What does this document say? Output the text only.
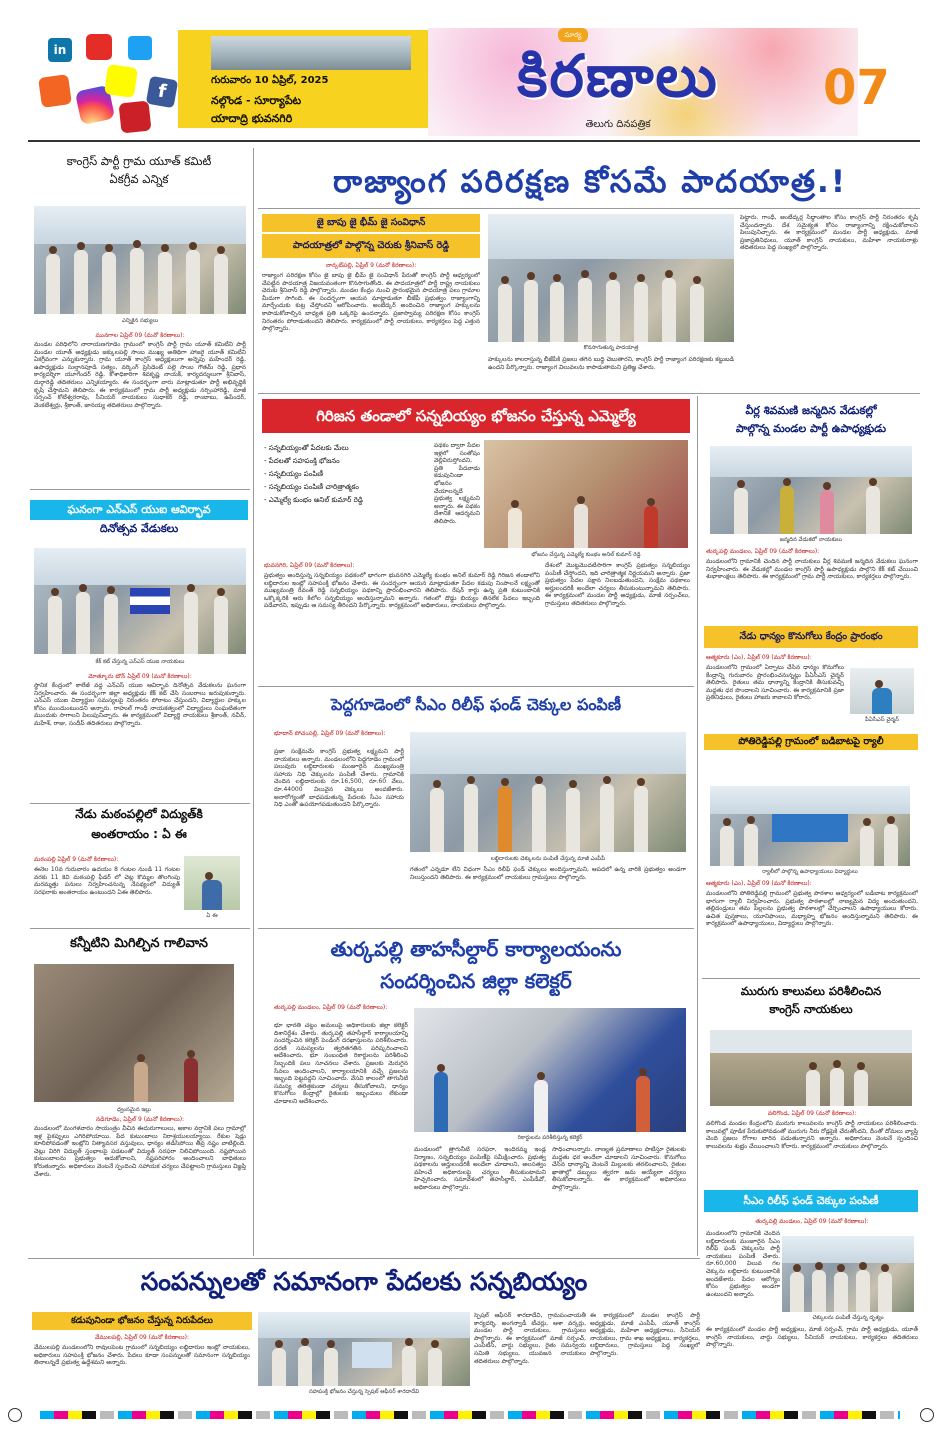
f
in
గురువారం 10 ఏప్రిల్, 2025
నల్గొండ - సూర్యాపేట
యాదాద్రి భువనగిరి
సూర్య
కిరణాలు
తెలుగు దినపత్రిక
07
కాంగ్రెస్ పార్టీ గ్రామ యూత్ కమిటీ
ఏకగ్రీవ ఎన్నిక
ఎన్నికైన సభ్యులు
మునగాల ఏప్రిల్ 09 (మనో కిరణాలు):
మండల పరిధిలోని నారాయణగూడెం గ్రామంలో కాంగ్రెస్ పార్టీ గ్రామ యూత్ కమిటీని పార్టీ మండల యూత్ అధ్యక్షుడు జక్కులపల్లి సాంబ ముఖ్య అతిథిగా హాజరై యూత్ కమిటీని ఏకగ్రీవంగా ఎన్నుకున్నారు. గ్రామ యూత్ కాంగ్రెస్ అధ్యక్షులుగా అన్నెపు మహేందర్ రెడ్డి, ఉపాధ్యక్షుడు సుల్తానపూడి సత్యం, వర్కింగ్ ప్రెసిడెంట్ పల్లె సాంబ గౌతమ్ రెడ్డి, ప్రధాన కార్యదర్శిగా యూగేందర్ రెడ్డి, కోశాధికారిగా శివకృష్ణ నాయక్, కార్యదర్శులుగా శ్రీనివాస్, దుర్గారెడ్డి తదితరులు ఎన్నికయ్యారు. ఈ సందర్భంగా వారు మాట్లాడుతూ పార్టీ అభివృద్ధికి కృషి చేస్తామని తెలిపారు. ఈ కార్యక్రమంలో గ్రామ పార్టీ అధ్యక్షుడు నర్సింహారెడ్డి, మాజీ సర్పంచ్ కోటేశ్వరరావు, సీనియర్ నాయకులు సుధాకర్ రెడ్డి, రాంబాబు, ఉపేందర్, వెంకటేశ్వర్లు, శ్రీకాంత్, జానయ్య తదితరులు పాల్గొన్నారు.
ఘనంగా ఎన్ఎస్ యుఐ ఆవిర్భావ
దినోత్సవ వేడుకలు
కేక్ కట్ చేస్తున్న ఎన్ఎస్ యుఐ నాయకులు
మోత్కూరు టౌన్ ఏప్రిల్ 09 (మనో కిరణాలు):
స్థానిక కేంద్రంలో కాలేజీ వద్ద ఎన్ఎస్ యుఐ ఆవిర్భావ దినోత్సవ వేడుకలను ఘనంగా నిర్వహించారు. ఈ సందర్భంగా జిల్లా అధ్యక్షుడు కేక్ కట్ చేసి సంబరాలు జరుపుకున్నారు. ఎన్ఎస్ యుఐ విద్యార్థుల సమస్యలపై నిరంతరం పోరాటం చేస్తుందని, విద్యార్థుల హక్కుల కోసం ముందుంటుందని అన్నారు. రాహుల్ గాంధీ నాయకత్వంలో విద్యార్థులు సంఘటితంగా ముందుకు సాగాలని పిలుపునిచ్చారు. ఈ కార్యక్రమంలో విద్యార్థి నాయకులు శ్రీకాంత్, నవీన్, మహేశ్, రాజు, సందీప్ తదితరులు పాల్గొన్నారు.
నేడు మఠంపల్లిలో విద్యుత్‌కి
అంతరాయం : ఏ ఈ
మఠంపల్లి ఏప్రిల్ 9 (మనో కిరణాలు):
ఈనెల 10వ గురువారం ఉదయం 8 గంటల నుండి 11 గంటల వరకు 11 కెవి మఠంపల్లి ఫీడర్ లో చెట్ల కొమ్మల తొలగింపు మరమ్మత్తు పనులు నిర్వహించనున్న నేపథ్యంలో విద్యుత్ సరఫరాకు అంతరాయం ఉంటుందని ఏఈ తెలిపారు.
ఏ ఈ
కన్నీటిని మిగిల్చిన గాలివాన
ధ్వంసమైన ఇల్లు
నడిగూడెం, ఏప్రిల్ 9 (మనో కిరణాలు):
మండలంలో మంగళవారం సాయంత్రం వీచిన ఈదురుగాలులు, అకాల వర్షానికి పలు గ్రామాల్లో ఇళ్ల పైకప్పులు ఎగిరిపోయాయి. పేద కుటుంబాలు నిరాశ్రయులయ్యాయి. రేకుల షెడ్లు కూలిపోవడంతో ఇంట్లోని నిత్యావసర వస్తువులు, ధాన్యం తడిసిపోయి తీవ్ర నష్టం వాటిల్లింది. చెట్లు విరిగి విద్యుత్ స్తంభాలపై పడటంతో విద్యుత్ సరఫరా నిలిచిపోయింది. నష్టపోయిన కుటుంబాలను ప్రభుత్వం ఆదుకోవాలని, నష్టపరిహారం అందించాలని బాధితులు కోరుతున్నారు. అధికారులు వెంటనే స్పందించి సహాయక చర్యలు చేపట్టాలని గ్రామస్తులు విజ్ఞప్తి చేశారు.
రాజ్యాంగ పరిరక్షణ కోసమే పాదయాత్ర.!
జై బాపు జై భీమ్ జై సంవిధాన్
పాదయాత్రలో పాల్గొన్న చెరుకు శ్రీనివాస్ రెడ్డి
నార్కట్‌పల్లి, ఏప్రిల్ 9 (మనో కిరణాలు):
రాజ్యాంగ పరిరక్షణ కోసం జై బాపు జై భీమ్ జై సంవిధాన్ పేరుతో కాంగ్రెస్ పార్టీ ఆధ్వర్యంలో చేపట్టిన పాదయాత్ర విజయవంతంగా కొనసాగుతోంది. ఈ పాదయాత్రలో పార్టీ రాష్ట్ర నాయకులు చెరుకు శ్రీనివాస్ రెడ్డి పాల్గొన్నారు. మండల కేంద్రం నుంచి ప్రారంభమైన పాదయాత్ర పలు గ్రామాల మీదుగా సాగింది. ఈ సందర్భంగా ఆయన మాట్లాడుతూ బీజేపీ ప్రభుత్వం రాజ్యాంగాన్ని మార్చేందుకు కుట్ర చేస్తోందని ఆరోపించారు. అంబేద్కర్ అందించిన రాజ్యాంగ హక్కులను కాపాడుకోవాల్సిన బాధ్యత ప్రతి ఒక్కరిపై ఉందన్నారు. ప్రజాస్వామ్య పరిరక్షణ కోసం కాంగ్రెస్ నిరంతరం పోరాడుతుందని తెలిపారు. కార్యక్రమంలో పార్టీ నాయకులు, కార్యకర్తలు పెద్ద ఎత్తున పాల్గొన్నారు.
కొనసాగుతున్న పాదయాత్ర
హక్కులను కాలరాస్తున్న బీజేపీకి ప్రజలు తగిన బుద్ధి చెబుతారని, కాంగ్రెస్ పార్టీ రాజ్యాంగ పరిరక్షణకు కట్టుబడి ఉందని పేర్కొన్నారు. రాజ్యాంగ విలువలను కాపాడుతామని ప్రతిజ్ఞ చేశారు.
పెట్టారు. గాంధీ, అంబేద్కర్ల సిద్ధాంతాల కోసం కాంగ్రెస్ పార్టీ నిరంతరం కృషి చేస్తుందన్నారు. దేశ సమైక్యత కోసం రాజ్యాంగాన్ని రక్షించుకోవాలని పిలుపునిచ్చారు. ఈ కార్యక్రమంలో మండల పార్టీ అధ్యక్షుడు, మాజీ ప్రజాప్రతినిధులు, యూత్ కాంగ్రెస్ నాయకులు, మహిళా నాయకురాళ్లు తదితరులు పెద్ద సంఖ్యలో పాల్గొన్నారు.
గిరిజన తండాలో సన్నబియ్యం భోజనం చేస్తున్న ఎమ్మెల్యే
- సన్నబియ్యంతో పేదలకు మేలు
- పేదలతో సహపంక్తి భోజనం
- సన్నబియ్యం పంపిణీ
- సన్నబియ్యం పంపిణీ చారిత్రాత్మకం
- ఎమ్మెల్యే కుంభం అనిల్ కుమార్ రెడ్డి
పథకం ద్వారా పేదల ఇళ్లలో సంతోషం వెల్లివిరుస్తోందని, ప్రతి పేదవాడు కడుపునిండా భోజనం చేయాలన్నదే ప్రభుత్వ లక్ష్యమని అన్నారు. ఈ పథకం దేశానికే ఆదర్శమని తెలిపారు.
భోజనం చేస్తున్న ఎమ్మెల్యే కుంభం అనిల్ కుమార్ రెడ్డి
భువనగిరి, ఏప్రిల్ 09 (మనో కిరణాలు):
ప్రభుత్వం అందిస్తున్న సన్నబియ్యం పథకంలో భాగంగా భువనగిరి ఎమ్మెల్యే కుంభం అనిల్ కుమార్ రెడ్డి గిరిజన తండాలోని లబ్ధిదారుల ఇంట్లో సహపంక్తి భోజనం చేశారు. ఈ సందర్భంగా ఆయన మాట్లాడుతూ పేదల కడుపు నింపాలనే లక్ష్యంతో ముఖ్యమంత్రి రేవంత్ రెడ్డి సన్నబియ్యం పథకాన్ని ప్రారంభించారని తెలిపారు. రేషన్ కార్డు ఉన్న ప్రతి కుటుంబానికి ఒక్కొక్కరికి ఆరు కిలోల సన్నబియ్యం అందిస్తున్నామని అన్నారు. గతంలో దొడ్డు బియ్యం తినలేక పేదలు ఇబ్బంది పడేవారని, ఇప్పుడు ఆ సమస్య తీరిందని పేర్కొన్నారు. కార్యక్రమంలో అధికారులు, నాయకులు పాల్గొన్నారు.
దేశంలో మొట్టమొదటిసారిగా కాంగ్రెస్ ప్రభుత్వం సన్నబియ్యం పంపిణీ చేస్తోందని, ఇది చారిత్రాత్మక నిర్ణయమని అన్నారు. ప్రజా ప్రభుత్వం పేదల పక్షాన నిలబడుతుందని, సంక్షేమ పథకాలు అర్హులందరికీ అందేలా చర్యలు తీసుకుంటున్నామని తెలిపారు. ఈ కార్యక్రమంలో మండల పార్టీ అధ్యక్షుడు, మాజీ సర్పంచ్‌లు, గ్రామస్తులు తదితరులు పాల్గొన్నారు.
పెద్దగూడెంలో సీఎం రిలీఫ్ ఫండ్ చెక్కుల పంపిణీ
భూదాన్ పోచంపల్లి, ఏప్రిల్ 09 (మనో కిరణాలు):
ప్రజా సంక్షేమమే కాంగ్రెస్ ప్రభుత్వ లక్ష్యమని పార్టీ నాయకులు అన్నారు. మండలంలోని పెద్దగూడెం గ్రామంలో పలువురు లబ్ధిదారులకు మంజూరైన ముఖ్యమంత్రి సహాయ నిధి చెక్కులను పంపిణీ చేశారు. గ్రామానికి చెందిన లబ్ధిదారులకు రూ.16,500, రూ.60 వేలు, రూ.44000 విలువైన చెక్కులు అందజేశారు. అనారోగ్యంతో బాధపడుతున్న పేదలకు సీఎం సహాయ నిధి ఎంతో ఉపయోగపడుతుందని పేర్కొన్నారు.
లబ్ధిదారులకు చెక్కులను పంపిణీ చేస్తున్న మాజీ ఎంపీపీ
గతంలో ఎన్నడూ లేని విధంగా సీఎం రిలీఫ్ ఫండ్ చెక్కులు అందిస్తున్నామని, ఆపదలో ఉన్న వారికి ప్రభుత్వం అండగా నిలుస్తుందని తెలిపారు. ఈ కార్యక్రమంలో నాయకులు గ్రామస్తులు పాల్గొన్నారు.
తుర్కపల్లి తాహసీల్దార్ కార్యాలయంను
సందర్శించిన జిల్లా కలెక్టర్
తుర్కపల్లి మండలం, ఏప్రిల్ 09 (మనో కిరణాలు):
భూ భారతి చట్టం అమలుపై అధికారులకు జిల్లా కలెక్టర్ దిశానిర్దేశం చేశారు. తుర్కపల్లి తహసీల్దార్ కార్యాలయాన్ని సందర్శించిన కలెక్టర్ పెండింగ్ దరఖాస్తులను పరిశీలించారు. ధరణి సమస్యలను త్వరితగతిన పరిష్కరించాలని ఆదేశించారు. భూ సంబంధిత రికార్డులను పరిశీలించి సిబ్బందికి పలు సూచనలు చేశారు. ప్రజలకు మెరుగైన సేవలు అందించాలని, కార్యాలయానికి వచ్చే ప్రజలను ఇబ్బంది పెట్టవద్దని సూచించారు. వేసవి కాలంలో తాగునీటి సమస్య తలెత్తకుండా చర్యలు తీసుకోవాలని, ధాన్యం కొనుగోలు కేంద్రాల్లో రైతులకు ఇబ్బందులు లేకుండా చూడాలని ఆదేశించారు.
రికార్డులను పరిశీలిస్తున్న కలెక్టర్
మండలంలో త్రాగునీటి సరఫరా, ఇందిరమ్మ ఇండ్ల నిర్మాణం, సన్నబియ్యం పంపిణీపై సమీక్షించారు. ప్రభుత్వ పథకాలను అర్హులందరికీ అందేలా చూడాలని, అలసత్వం వహించే అధికారులపై చర్యలు తీసుకుంటామని హెచ్చరించారు. సమావేశంలో తహసీల్దార్, ఎంపీడీవో, అధికారులు పాల్గొన్నారు.
సాధించాలన్నారు. నాణ్యత ప్రమాణాలు పాటిస్తూ రైతులకు మద్దతు ధర అందేలా చూడాలని సూచించారు. కొనుగోలు చేసిన ధాన్యాన్ని వెంటనే మిల్లులకు తరలించాలని, రైతుల ఖాతాల్లో డబ్బులు త్వరగా జమ అయ్యేలా చర్యలు తీసుకోవాలన్నారు. ఈ కార్యక్రమంలో అధికారులు పాల్గొన్నారు.
వీర్ల శివమణి జన్మదిన వేడుకల్లో
పాల్గొన్న మండల పార్టీ ఉపాధ్యక్షుడు
జన్మదిన వేడుకలో నాయకులు
తుర్కపల్లి మండలం, ఏప్రిల్ 09 (మనో కిరణాలు):
మండలంలోని గ్రామానికి చెందిన పార్టీ నాయకులు వీర్ల శివమణి జన్మదిన వేడుకలు ఘనంగా నిర్వహించారు. ఈ వేడుకల్లో మండల కాంగ్రెస్ పార్టీ ఉపాధ్యక్షుడు పాల్గొని కేక్ కట్ చేయించి శుభాకాంక్షలు తెలిపారు. ఈ కార్యక్రమంలో గ్రామ పార్టీ నాయకులు, కార్యకర్తలు పాల్గొన్నారు.
నేడు ధాన్యం కొనుగోలు కేంద్రం ప్రారంభం
ఆత్మకూరు (ఎం), ఏప్రిల్ 09 (మనో కిరణాలు):
మండలంలోని గ్రామంలో ఏర్పాటు చేసిన ధాన్యం కొనుగోలు కేంద్రాన్ని గురువారం ప్రారంభించనున్నట్లు పీఏసీఎస్ చైర్మన్ తెలిపారు. రైతులు తమ ధాన్యాన్ని కేంద్రానికి తీసుకువచ్చి మద్దతు ధర పొందాలని సూచించారు. ఈ కార్యక్రమానికి ప్రజా ప్రతినిధులు, రైతులు హాజరు కావాలని కోరారు.
పీఏసీఎస్ చైర్మన్
పోతిరెడ్డిపల్లి గ్రామంలో బడిబాటపై ర్యాలీ
ర్యాలీలో పాల్గొన్న ఉపాధ్యాయులు విద్యార్థులు
ఆత్మకూరు (ఎం), ఏప్రిల్ 09 (మనో కిరణాలు):
మండలంలోని పోతిరెడ్డిపల్లి గ్రామంలో ప్రభుత్వ పాఠశాల ఆధ్వర్యంలో బడిబాట కార్యక్రమంలో భాగంగా ర్యాలీ నిర్వహించారు. ప్రభుత్వ పాఠశాలల్లో నాణ్యమైన విద్య అందుతుందని, తల్లిదండ్రులు తమ పిల్లలను ప్రభుత్వ పాఠశాలల్లో చేర్పించాలని ఉపాధ్యాయులు కోరారు. ఉచిత పుస్తకాలు, యూనిఫాంలు, మధ్యాహ్న భోజనం అందిస్తున్నామని తెలిపారు. ఈ కార్యక్రమంలో ఉపాధ్యాయులు, విద్యార్థులు పాల్గొన్నారు.
మురుగు కాలువలు పరిశీలించిన
కాంగ్రెస్ నాయకులు
వలిగొండ, ఏప్రిల్ 09 (మనో కిరణాలు):
వలిగొండ మండల కేంద్రంలోని మురుగు కాలువలను కాంగ్రెస్ పార్టీ నాయకులు పరిశీలించారు. కాలువల్లో పూడిక పేరుకుపోవడంతో మురుగు నీరు రోడ్లపైకి చేరుతోందని, దీంతో దోమలు వ్యాప్తి చెంది ప్రజలు రోగాల బారిన పడుతున్నారని అన్నారు. అధికారులు వెంటనే స్పందించి కాలువలను శుభ్రం చేయించాలని కోరారు. కార్యక్రమంలో నాయకులు పాల్గొన్నారు.
సీఎం రిలీఫ్ ఫండ్ చెక్కుల పంపిణీ
తుర్కపల్లి మండలం, ఏప్రిల్ 09 (మనో కిరణాలు):
మండలంలోని గ్రామానికి చెందిన లబ్ధిదారులకు మంజూరైన సీఎం రిలీఫ్ ఫండ్ చెక్కులను పార్టీ నాయకులు పంపిణీ చేశారు. రూ.60,000 విలువ గల చెక్కును లబ్ధిదారు కుటుంబానికి అందజేశారు. పేదల ఆరోగ్యం కోసం ప్రభుత్వం అండగా ఉంటుందని అన్నారు.
చెక్కులను పంపిణీ చేస్తున్న దృశ్యం
ఈ కార్యక్రమంలో మండల పార్టీ అధ్యక్షులు, మాజీ సర్పంచ్, గ్రామ పార్టీ అధ్యక్షుడు, యూత్ కాంగ్రెస్ నాయకులు, వార్డు సభ్యులు, సీనియర్ నాయకులు, కార్యకర్తలు తదితరులు పాల్గొన్నారు.
సంపన్నులతో సమానంగా పేదలకు సన్నబియ్యం
కడుపునిండా భోజనం చేస్తున్న నిరుపేదలు
వేములపల్లి, ఏప్రిల్ 09 (మనో కిరణాలు):
వేములపల్లి మండలంలోని రావులపెంట గ్రామంలో సన్నబియ్యం లబ్ధిదారుల ఇంట్లో నాయకులు, అధికారులు సహపంక్తి భోజనం చేశారు. పేదలు కూడా సంపన్నులతో సమానంగా సన్నబియ్యం తినాలన్నదే ప్రభుత్వ ఉద్దేశమని అన్నారు.
సహపంక్తి భోజనం చేస్తున్న స్పెషల్ ఆఫీసర్ శారదాదేవి
స్పెషల్ ఆఫీసర్ శారదాదేవి, గ్రామపంచాయతీ కార్యదర్శి, అంగన్వాడీ టీచర్లు, ఆశా వర్కర్లు, మండల పార్టీ నాయకులు, గ్రామస్తులు పాల్గొన్నారు. ఈ కార్యక్రమంలో మాజీ సర్పంచ్, ఎంపీటీసీ, వార్డు సభ్యులు, రైతు సమన్వయ సమితి సభ్యులు, యువజన నాయకులు తదితరులు పాల్గొన్నారు.
ఈ కార్యక్రమంలో మండల కాంగ్రెస్ పార్టీ అధ్యక్షుడు, మాజీ ఎంపీపీ, యూత్ కాంగ్రెస్ అధ్యక్షుడు, మహిళా అధ్యక్షురాలు, సీనియర్ నాయకులు, గ్రామ శాఖ అధ్యక్షులు, కార్యకర్తలు, లబ్ధిదారులు, గ్రామస్తులు పెద్ద సంఖ్యలో పాల్గొన్నారు.
